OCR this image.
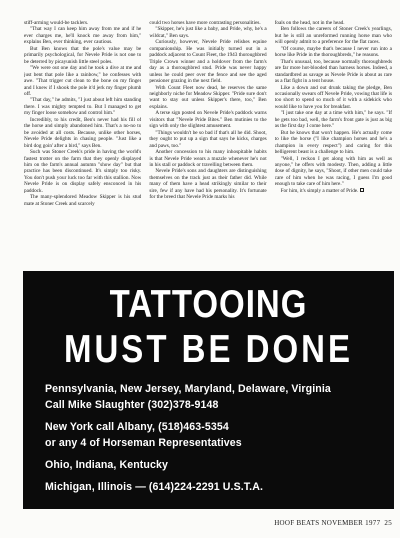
stiff-arming would-be tacklers.

"That way I can keep him away from me and if he ever charges me, he'll knock me away from him," explains Ben, ever thinking, ever cautious.

But Ben knows that the pole's value may be primarily psychological, for Nevele Pride is not one to be deterred by picayunish little steel poles.

"We were out one day and he took a dive at me and just bent that pole like a rainbow," he confesses with awe. "That trigger cut clean to the bone on my finger and I knew if I shook the pole it'd jerk my finger plumb off.

"That day," he admits, "I just about left him standing there. I was mighty tempted to. But I managed to get my finger loose somehow and control him."

Incredibly, to his credit, Ben's never had his fill of the horse and simply abandoned him. That's a no-no to be avoided at all costs. Because, unlike other horses, Nevele Pride delights in chasing people. "Just like a bird dog goin' after a bird," says Ben.

Such was Stoner Creek's pride in having the world's fastest trotter on the farm that they openly displayed him on the farm's annual autumn "show day" but that practice has been discontinued. It's simply too risky. You don't push your luck too far with this stallion. Now Nevele Pride is on display safely ensconced in his paddock.

The many-splendored Meadow Skipper is his stud mate at Stoner Creek and scarcely

could two horses have more contrasting personalities.

"Skipper, he's just like a baby, and Pride, why, he's a wildcat," Ben says.

Curiously, however, Nevele Pride relishes equine companionship. He was initially turned out in a paddock adjacent to Count Fleet, the 1943 thoroughbred Triple Crown winner and a holdover from the farm's day as a thoroughbred stud. Pride was never happy unless he could peer over the fence and see the aged pensioner grazing in the next field.

With Count Fleet now dead, he reserves the same neighborly niche for Meadow Skipper. "Pride sure don't want to stay out unless Skipper's there, too," Ben explains.

A terse sign posted on Nevele Pride's paddock warns visitors that "Nevele Pride Bites." Ben mutinies to the sign with only the slightest amusement.

"Things wouldn't be so bad if that's all he did. Shoot, they ought to put up a sign that says he kicks, charges and paws, too."

Another concession to his many inhospitable habits is that Nevele Pride wears a muzzle whenever he's not in his stall or paddock or travelling between them.

Nevele Pride's sons and daughters are distinguishing themselves on the track just as their father did. While many of them have a head strikingly similar to their sire, few if any have had his personality. It's fortunate for the breed that Nevele Pride marks his

foals on the head, not in the head.

Ben follows the careers of Stoner Creek's yearlings, but he is still an unreformed running horse man who will openly admit to a preference for the flat races.

"Of course, maybe that's because I never run into a horse like Pride in the thoroughbreds," he reasons.

That's unusual, too, because normally thoroughbreds are far more hot-blooded than harness horses. Indeed, a standardbred as savage as Nevele Pride is about as rare as a flat fight in a tent house.

Like a down and out drunk taking the pledge, Ben occasionally swears off Nevele Pride, vowing that life is too short to spend so much of it with a sidekick who would like to have you for breakfast.

"I just take one day at a time with him," he says. "If he gets too bad, well, the farm's front gate is just as big as the first day I come here."

But he knows that won't happen. He's actually come to like the horse ("I like champion horses and he's a champion in every respect") and caring for this belligerent beast is a challenge to him.

"Well, I reckon I get along with him as well as anyone," he offers with modesty. Then, adding a little dose of dignity, he says, "Shoot, if other men could take care of him when he was racing, I guess I'm good enough to take care of him here."

For him, it's simply a matter of Pride.

TATTOOING
MUST BE DONE
Pennsylvania, New Jersey, Maryland, Delaware, Virginia
Call Mike Slaughter (302)378-9148
New York call Albany, (518)463-5354
or any 4 of Horseman Representatives
Ohio, Indiana, Kentucky
Michigan, Illinois — (614)224-2291 U.S.T.A.
HOOF BEATS NOVEMBER 1977 25
